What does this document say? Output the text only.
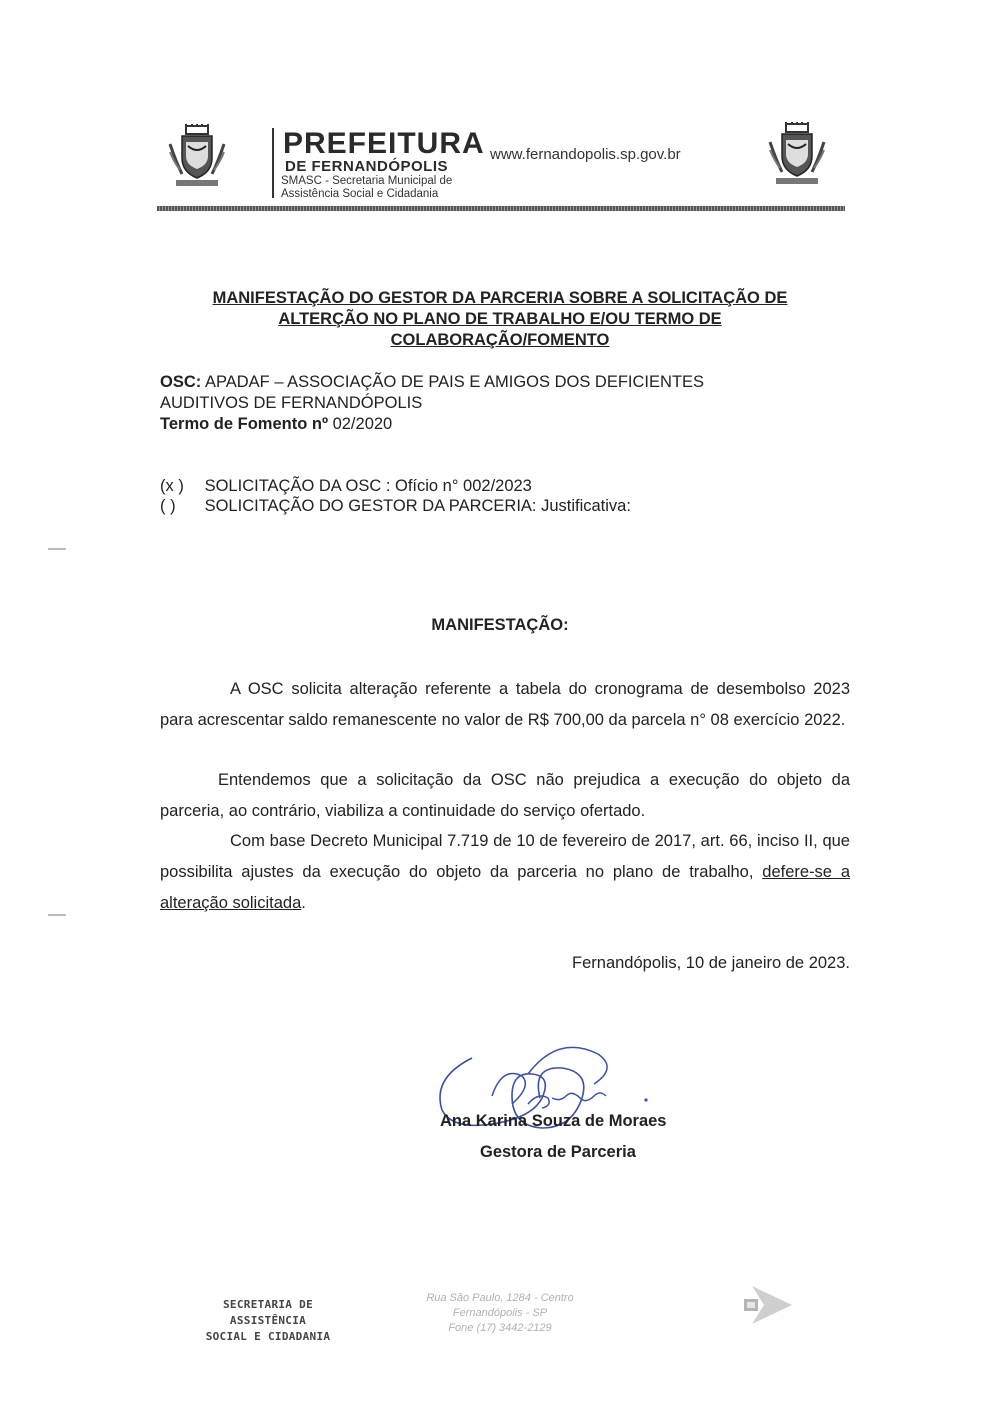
PREFEITURA
DE FERNANDÓPOLIS
SMASC - Secretaria Municipal de Assistência Social e Cidadania
www.fernandopolis.sp.gov.br
MANIFESTAÇÃO DO GESTOR DA PARCERIA SOBRE A SOLICITAÇÃO DE
ALTERÇÃO NO PLANO DE TRABALHO E/OU TERMO DE
COLABORAÇÃO/FOMENTO
OSC: APADAF – ASSOCIAÇÃO DE PAIS E AMIGOS DOS DEFICIENTES
AUDITIVOS DE FERNANDÓPOLIS
Termo de Fomento nº 02/2020
(x ) SOLICITAÇÃO DA OSC : Ofício n° 002/2023
( ) SOLICITAÇÃO DO GESTOR DA PARCERIA: Justificativa:
MANIFESTAÇÃO:
A OSC solicita alteração referente a tabela do cronograma de desembolso 2023 para acrescentar saldo remanescente no valor de R$ 700,00 da parcela n° 08 exercício 2022.
Entendemos que a solicitação da OSC não prejudica a execução do objeto da parceria, ao contrário, viabiliza a continuidade do serviço ofertado.
Com base Decreto Municipal 7.719 de 10 de fevereiro de 2017, art. 66, inciso II, que possibilita ajustes da execução do objeto da parceria no plano de trabalho, defere-se a alteração solicitada.
Fernandópolis, 10 de janeiro de 2023.
Ana Karina Souza de Moraes
Gestora de Parceria
SECRETARIA DE ASSISTÊNCIA
SOCIAL E CIDADANIA
Rua São Paulo, 1284 - Centro
Fernandópolis - SP
Fone (17) 3442-2129
